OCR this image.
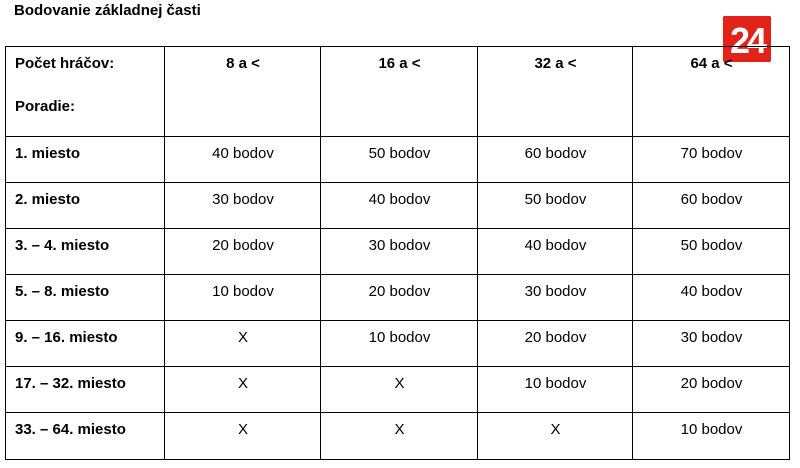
Bodovanie základnej časti
24
Počet hráčov:
Poradie:	8 a <	16 a <	32 a <	64 a <
1. miesto	40 bodov	50 bodov	60 bodov	70 bodov
2. miesto	30 bodov	40 bodov	50 bodov	60 bodov
3. – 4. miesto	20 bodov	30 bodov	40 bodov	50 bodov
5. – 8. miesto	10 bodov	20 bodov	30 bodov	40 bodov
9. – 16. miesto	X	10 bodov	20 bodov	30 bodov
17. – 32. miesto	X	X	10 bodov	20 bodov
33. – 64. miesto	X	X	X	10 bodov
